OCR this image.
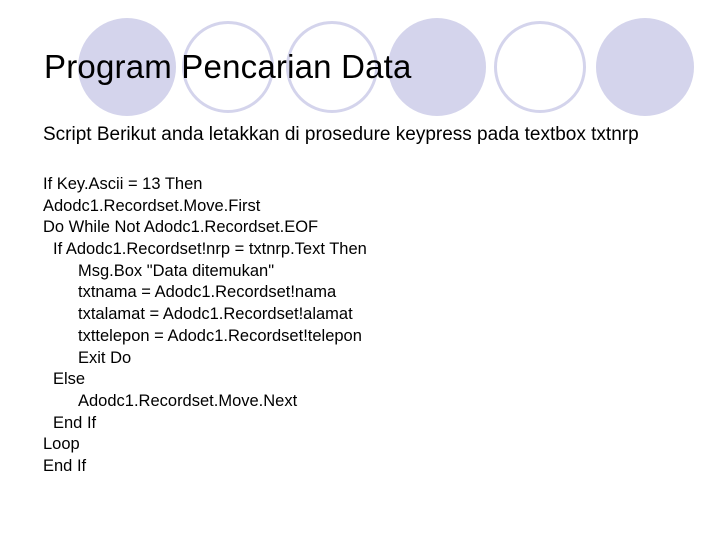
Program Pencarian Data

Script Berikut anda letakkan di prosedure keypress pada textbox txtnrp

If Key.Ascii = 13 Then
Adodc1.Recordset.Move.First
Do While Not Adodc1.Recordset.EOF
If Adodc1.Recordset!nrp = txtnrp.Text Then
Msg.Box "Data ditemukan"
txtnama = Adodc1.Recordset!nama
txtalamat = Adodc1.Recordset!alamat
txttelepon = Adodc1.Recordset!telepon
Exit Do
Else
Adodc1.Recordset.Move.Next
End If
Loop
End If
